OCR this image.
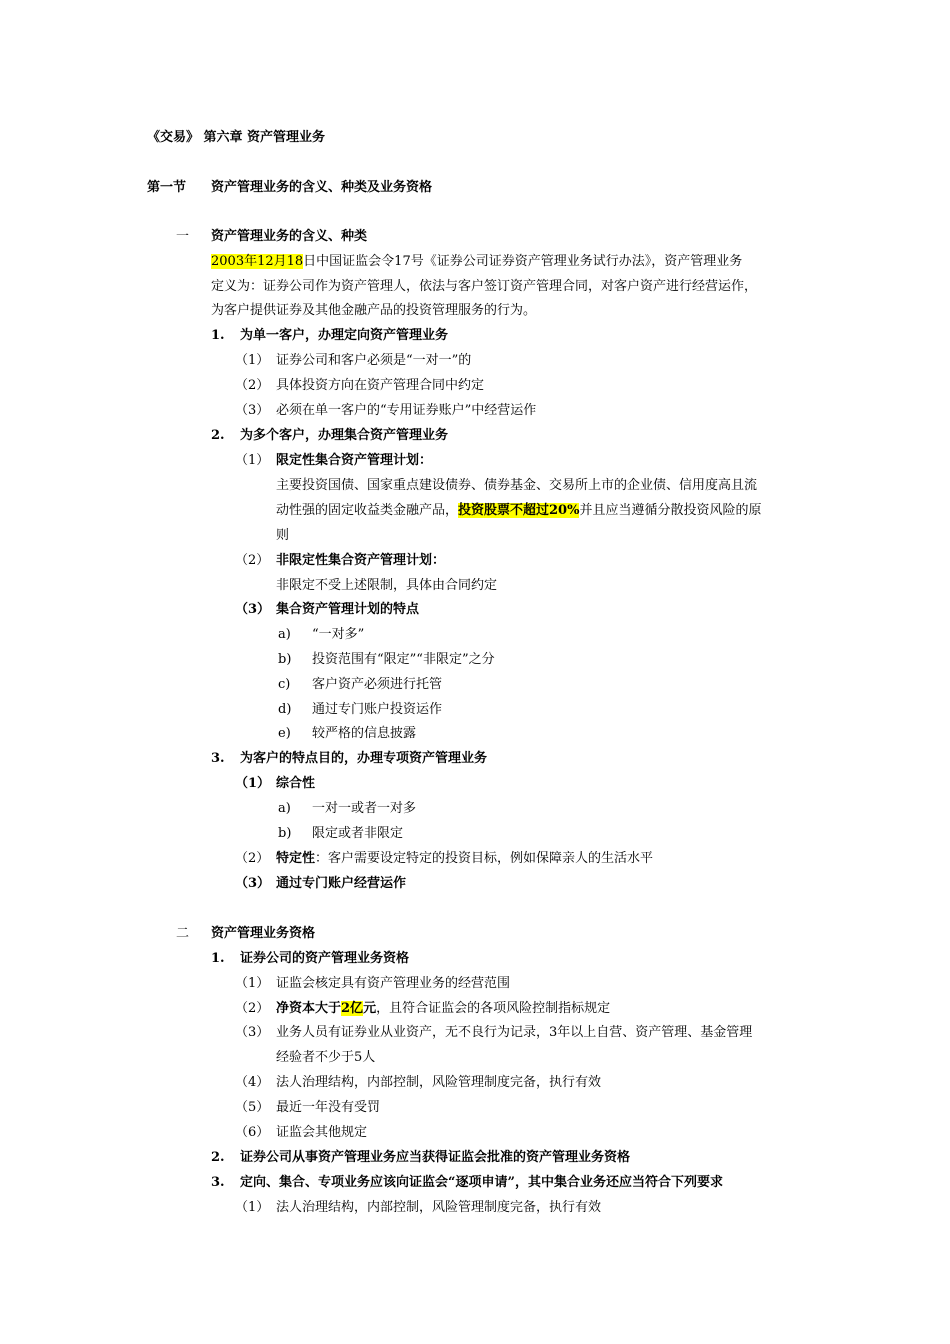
《交易》 第六章 资产管理业务
第一节 资产管理业务的含义、种类及业务资格
一 资产管理业务的含义、种类
2003年12月18日中国证监会令17号《证券公司证券资产管理业务试行办法》，资产管理业务
定义为：证券公司作为资产管理人，依法与客户签订资产管理合同，对客户资产进行经营运作，
为客户提供证券及其他金融产品的投资管理服务的行为。
1. 为单一客户，办理定向资产管理业务
（1） 证券公司和客户必须是“一对一”的
（2） 具体投资方向在资产管理合同中约定
（3） 必须在单一客户的“专用证券账户”中经营运作
2. 为多个客户，办理集合资产管理业务
（1） 限定性集合资产管理计划：
主要投资国债、国家重点建设债券、债券基金、交易所上市的企业债、信用度高且流
动性强的固定收益类金融产品，投资股票不超过20%并且应当遵循分散投资风险的原
则
（2） 非限定性集合资产管理计划：
非限定不受上述限制，具体由合同约定
（3） 集合资产管理计划的特点
a) “一对多”
b) 投资范围有“限定”“非限定”之分
c) 客户资产必须进行托管
d) 通过专门账户投资运作
e) 较严格的信息披露
3. 为客户的特点目的，办理专项资产管理业务
（1） 综合性
a) 一对一或者一对多
b) 限定或者非限定
（2） 特定性：客户需要设定特定的投资目标，例如保障亲人的生活水平
（3） 通过专门账户经营运作
二 资产管理业务资格
1. 证券公司的资产管理业务资格
（1） 证监会核定具有资产管理业务的经营范围
（2） 净资本大于2亿元，且符合证监会的各项风险控制指标规定
（3） 业务人员有证券业从业资产，无不良行为记录，3年以上自营、资产管理、基金管理
经验者不少于5人
（4） 法人治理结构，内部控制，风险管理制度完备，执行有效
（5） 最近一年没有受罚
（6） 证监会其他规定
2. 证券公司从事资产管理业务应当获得证监会批准的资产管理业务资格
3. 定向、集合、专项业务应该向证监会“逐项申请”，其中集合业务还应当符合下列要求
（1） 法人治理结构，内部控制，风险管理制度完备，执行有效
